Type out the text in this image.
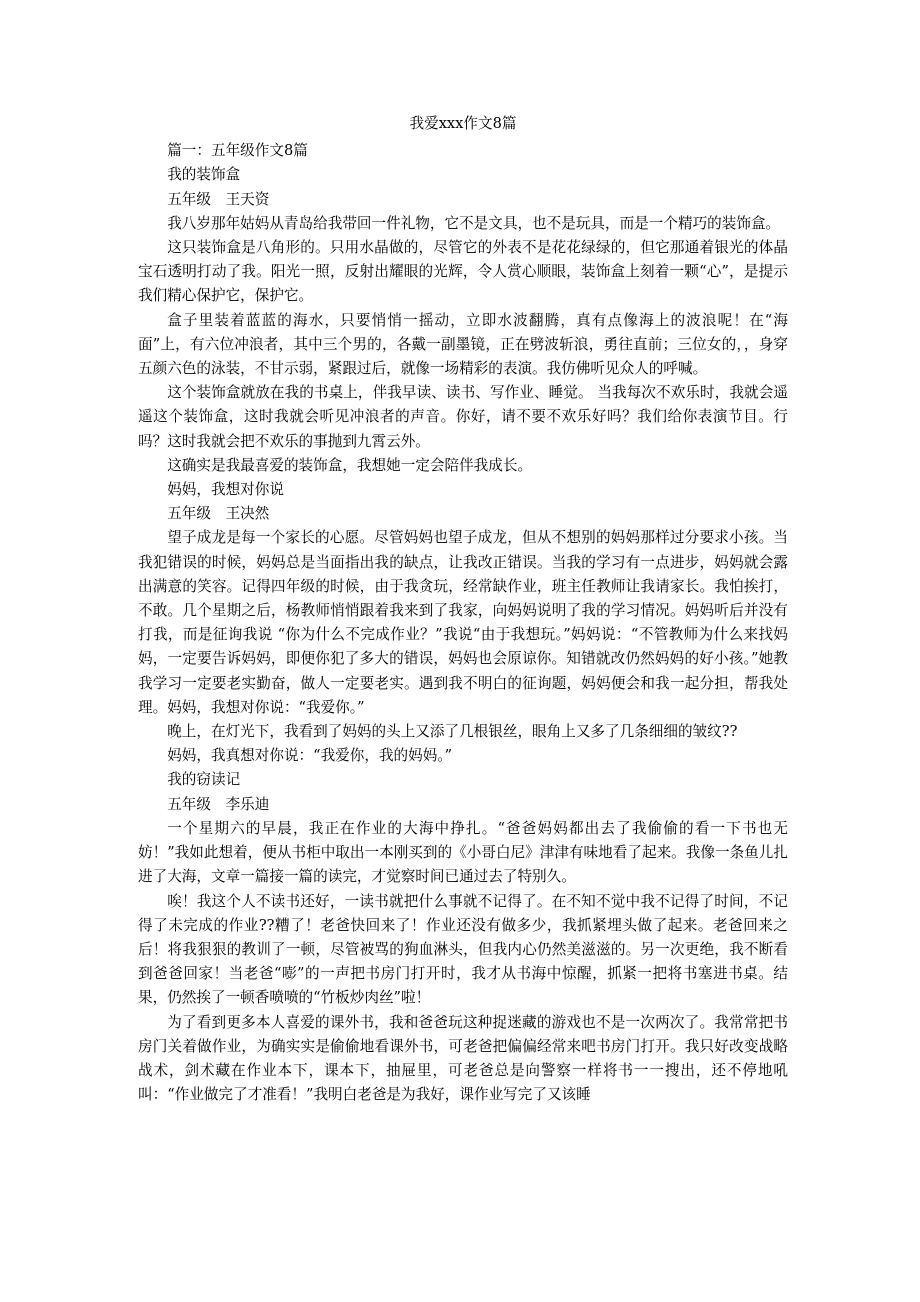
我爱xxx作文8篇

篇一：五年级作文8篇

我的装饰盒

五年级　王天资

我八岁那年姑妈从青岛给我带回一件礼物，它不是文具，也不是玩具，而是一个精巧的装饰盒。

这只装饰盒是八角形的。只用水晶做的，尽管它的外表不是花花绿绿的，但它那通着银光的体晶宝石透明打动了我。阳光一照，反射出耀眼的光辉，令人赏心顺眼，装饰盒上刻着一颗“心”，是提示我们精心保护它，保护它。

盒子里装着蓝蓝的海水，只要悄悄一摇动，立即水波翻腾，真有点像海上的波浪呢！在“海面”上，有六位冲浪者，其中三个男的，各戴一副墨镜，正在劈波斩浪，勇往直前；三位女的，，身穿五颜六色的泳装，不甘示弱，紧跟过后，就像一场精彩的表演。我仿佛听见众人的呼喊。

这个装饰盒就放在我的书桌上，伴我早读、读书、写作业、睡觉。 当我每次不欢乐时，我就会遥遥这个装饰盒，这时我就会听见冲浪者的声音。你好，请不要不欢乐好吗？我们给你表演节目。行吗？这时我就会把不欢乐的事抛到九霄云外。

这确实是我最喜爱的装饰盒，我想她一定会陪伴我成长。

妈妈，我想对你说

五年级　王决然

望子成龙是每一个家长的心愿。尽管妈妈也望子成龙，但从不想别的妈妈那样过分要求小孩。当我犯错误的时候，妈妈总是当面指出我的缺点，让我改正错误。当我的学习有一点进步，妈妈就会露出满意的笑容。记得四年级的时候，由于我贪玩，经常缺作业，班主任教师让我请家长。我怕挨打，不敢。几个星期之后，杨教师悄悄跟着我来到了我家，向妈妈说明了我的学习情况。妈妈听后并没有打我，而是征询我说 “你为什么不完成作业？”我说“由于我想玩。”妈妈说：“不管教师为什么来找妈妈，一定要告诉妈妈，即便你犯了多大的错误，妈妈也会原谅你。知错就改仍然妈妈的好小孩。”她教我学习一定要老实勤奋，做人一定要老实。遇到我不明白的征询题，妈妈便会和我一起分担，帮我处理。妈妈，我想对你说：“我爱你。”

晚上，在灯光下，我看到了妈妈的头上又添了几根银丝，眼角上又多了几条细细的皱纹??

妈妈，我真想对你说：“我爱你，我的妈妈。”

我的窃读记

五年级　李乐迪

一个星期六的早晨，我正在作业的大海中挣扎。“爸爸妈妈都出去了我偷偷的看一下书也无妨！”我如此想着，便从书柜中取出一本刚买到的《小哥白尼》津津有味地看了起来。我像一条鱼儿扎进了大海，文章一篇接一篇的读完，才觉察时间已通过去了特别久。

唉！我这个人不读书还好，一读书就把什么事就不记得了。在不知不觉中我不记得了时间，不记得了未完成的作业??糟了！老爸快回来了！作业还没有做多少，我抓紧埋头做了起来。老爸回来之后！将我狠狠的教训了一顿，尽管被骂的狗血淋头，但我内心仍然美滋滋的。另一次更绝，我不断看到爸爸回家！当老爸“嘭”的一声把书房门打开时，我才从书海中惊醒，抓紧一把将书塞进书桌。结果，仍然挨了一顿香喷喷的“竹板炒肉丝”啦！

为了看到更多本人喜爱的课外书，我和爸爸玩这种捉迷藏的游戏也不是一次两次了。我常常把书房门关着做作业，为确实实是偷偷地看课外书，可老爸把偏偏经常来吧书房门打开。我只好改变战略战术，剑术藏在作业本下，课本下，抽屉里，可老爸总是向警察一样将书一一搜出，还不停地吼叫：“作业做完了才准看！”我明白老爸是为我好，课作业写完了又该睡
